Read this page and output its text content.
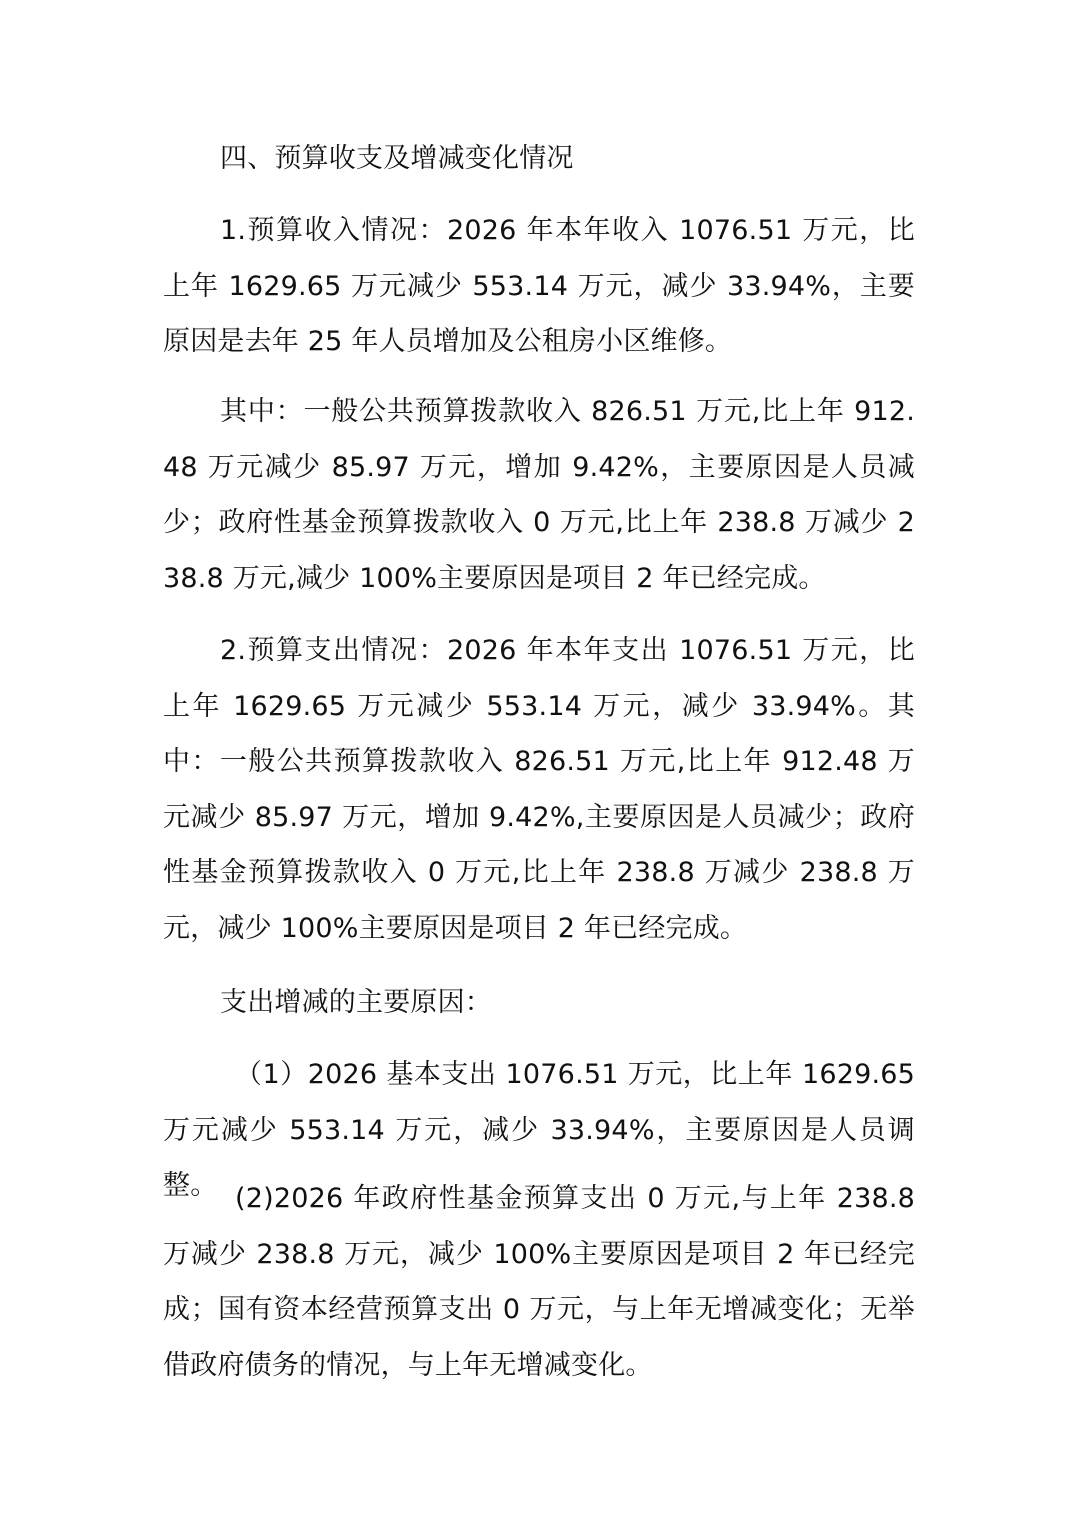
四、预算收支及增减变化情况

1.预算收入情况：2026 年本年收入 1076.51 万元，比上年 1629.65 万元减少 553.14 万元，减少 33.94%，主要原因是去年 25 年人员增加及公租房小区维修。

其中：一般公共预算拨款收入 826.51 万元,比上年 912.48 万元减少 85.97 万元，增加 9.42%，主要原因是人员减少；政府性基金预算拨款收入 0 万元,比上年 238.8 万减少 238.8 万元,减少 100%主要原因是项目 2 年已经完成。

2.预算支出情况：2026 年本年支出 1076.51 万元，比上年 1629.65 万元减少 553.14 万元，减少 33.94%。其中：一般公共预算拨款收入 826.51 万元,比上年 912.48 万元减少 85.97 万元，增加 9.42%,主要原因是人员减少；政府性基金预算拨款收入 0 万元,比上年 238.8 万减少 238.8 万元，减少 100%主要原因是项目 2 年已经完成。

支出增减的主要原因：

（1）2026 基本支出 1076.51 万元，比上年 1629.65 万元减少 553.14 万元，减少 33.94%，主要原因是人员调整。 (2)2026 年政府性基金预算支出 0 万元,与上年 238.8 万减少 238.8 万元，减少 100%主要原因是项目 2 年已经完成；国有资本经营预算支出 0 万元，与上年无增减变化；无举借政府债务的情况，与上年无增减变化。
